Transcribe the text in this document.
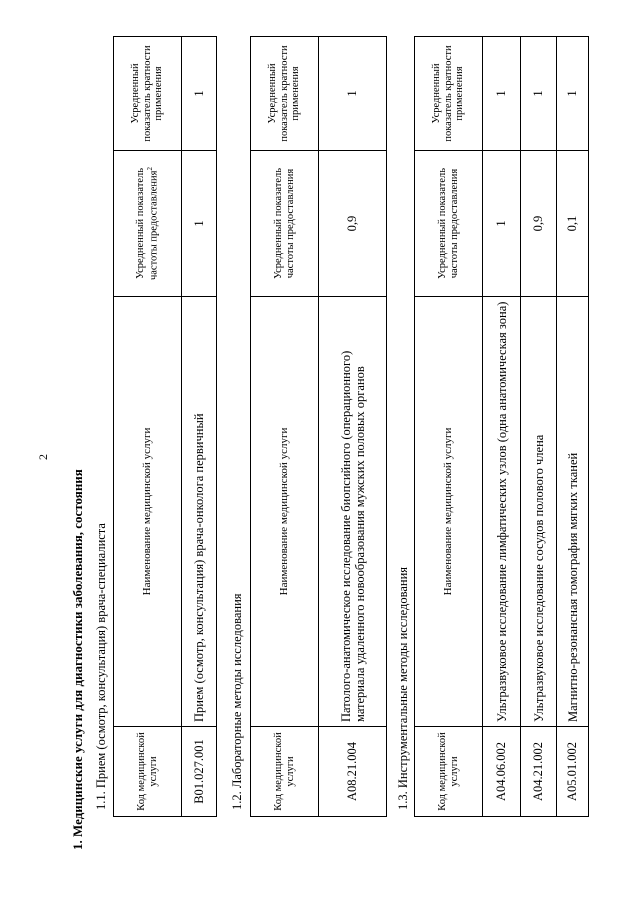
2
1. Медицинские услуги для диагностики заболевания, состояния 1.1. Прием (осмотр, консультация) врача-специалиста	Код медицинской услуги	Наименование медицинской услуги	Усредненный показатель частоты предоставления$^2$	Усредненный показатель кратности применения
B01.027.001	Прием (осмотр, консультация) врача-онколога первичный	1	1
1.2. Лабораторные методы исследования	Код медицинской услуги	Наименование медицинской услуги	Усредненный показатель частоты предоставления	Усредненный показатель кратности применения
A08.21.004	Патолого-анатомическое исследование биопсийного (операционного) материала удаленного новообразования мужских половых органов	0,9	1
1.3. Инструментальные методы исследования	Код медицинской услуги	Наименование медицинской услуги	Усредненный показатель частоты предоставления	Усредненный показатель кратности применения
A04.06.002	Ультразвуковое исследование лимфатических узлов (одна анатомическая зона)	1	1
A04.21.002	Ультразвуковое исследование сосудов полового члена	0,9	1
A05.01.002	Магнитно-резонансная томография мягких тканей	0,1	1
